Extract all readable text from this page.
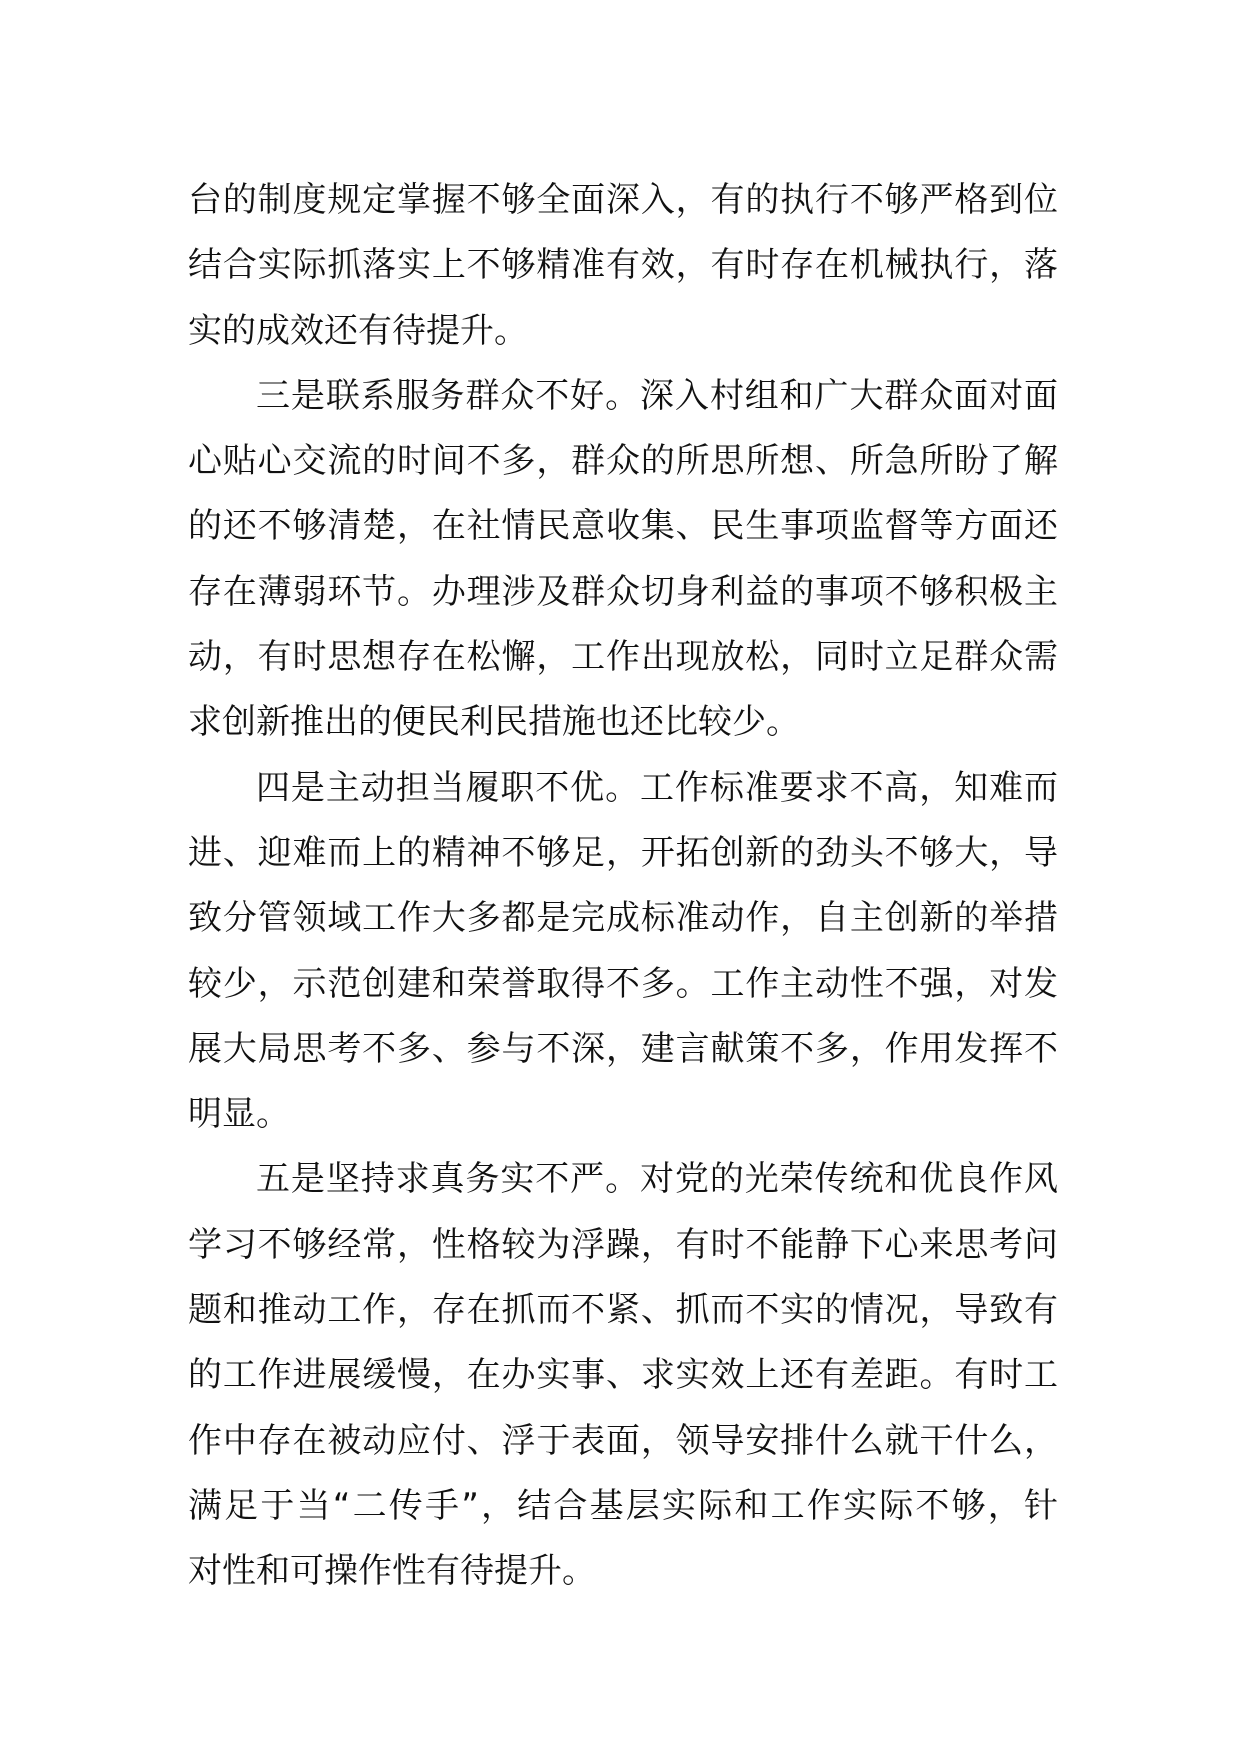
台的制度规定掌握不够全面深入，有的执行不够严格到位
结合实际抓落实上不够精准有效，有时存在机械执行，落
实的成效还有待提升。
三是联系服务群众不好。深入村组和广大群众面对面
心贴心交流的时间不多，群众的所思所想、所急所盼了解
的还不够清楚，在社情民意收集、民生事项监督等方面还
存在薄弱环节。办理涉及群众切身利益的事项不够积极主
动，有时思想存在松懈，工作出现放松，同时立足群众需
求创新推出的便民利民措施也还比较少。
四是主动担当履职不优。工作标准要求不高，知难而
进、迎难而上的精神不够足，开拓创新的劲头不够大，导
致分管领域工作大多都是完成标准动作，自主创新的举措
较少，示范创建和荣誉取得不多。工作主动性不强，对发
展大局思考不多、参与不深，建言献策不多，作用发挥不
明显。
五是坚持求真务实不严。对党的光荣传统和优良作风
学习不够经常，性格较为浮躁，有时不能静下心来思考问
题和推动工作，存在抓而不紧、抓而不实的情况，导致有
的工作进展缓慢，在办实事、求实效上还有差距。有时工
作中存在被动应付、浮于表面，领导安排什么就干什么，
满足于当“二传手”，结合基层实际和工作实际不够，针
对性和可操作性有待提升。
